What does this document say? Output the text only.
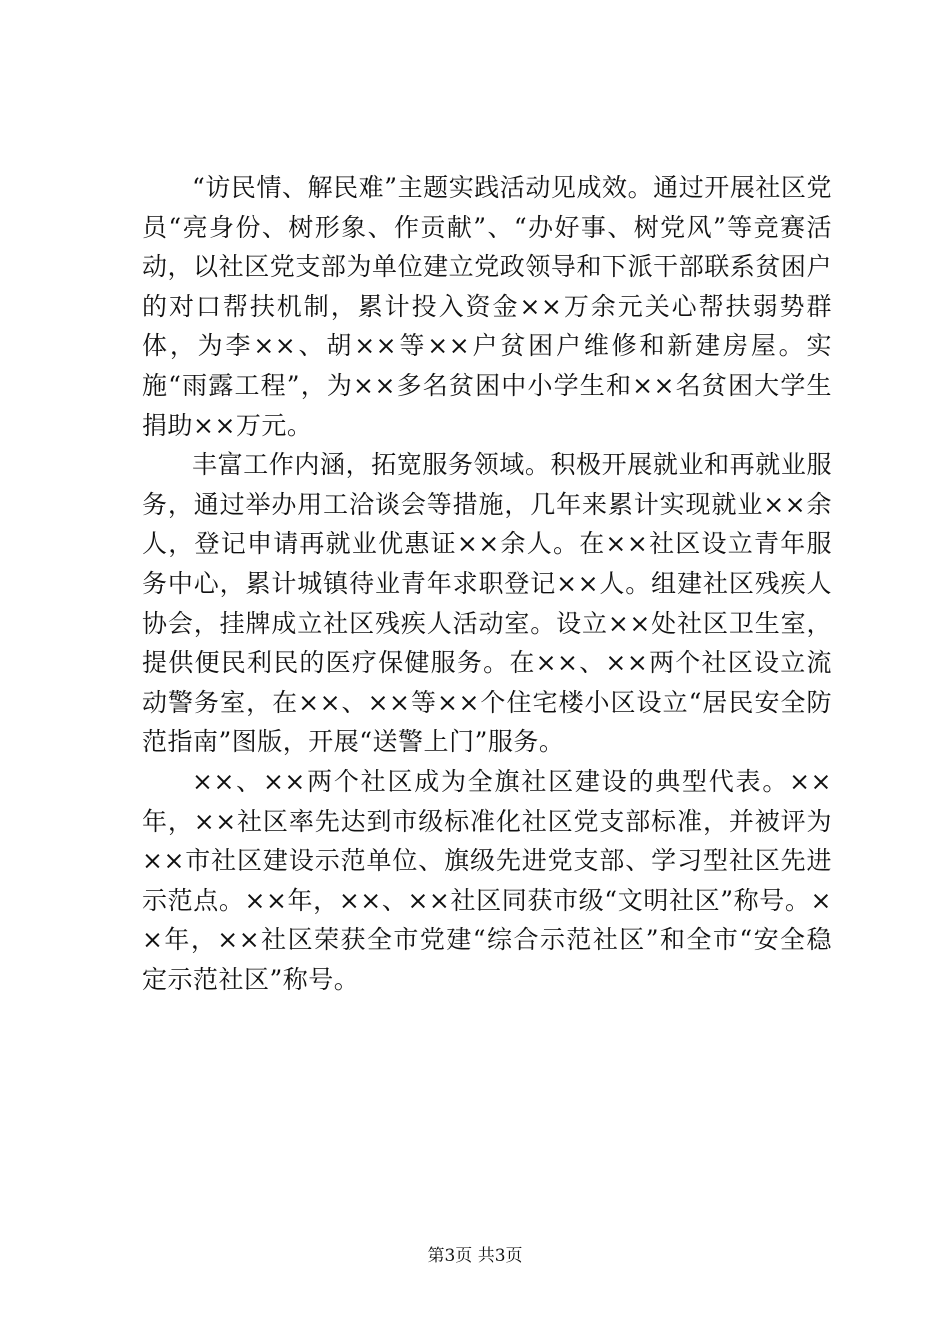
“访民情、解民难”主题实践活动见成效。通过开展社区党员“亮身份、树形象、作贡献”、“办好事、树党风”等竞赛活动，以社区党支部为单位建立党政领导和下派干部联系贫困户的对口帮扶机制，累计投入资金××万余元关心帮扶弱势群体，为李××、胡××等××户贫困户维修和新建房屋。实施“雨露工程”，为××多名贫困中小学生和××名贫困大学生捐助××万元。

丰富工作内涵，拓宽服务领域。积极开展就业和再就业服务，通过举办用工洽谈会等措施，几年来累计实现就业××余人，登记申请再就业优惠证××余人。在××社区设立青年服务中心，累计城镇待业青年求职登记××人。组建社区残疾人协会，挂牌成立社区残疾人活动室。设立××处社区卫生室，提供便民利民的医疗保健服务。在××、××两个社区设立流动警务室，在××、××等××个住宅楼小区设立“居民安全防范指南”图版，开展“送警上门”服务。

××、××两个社区成为全旗社区建设的典型代表。××年，××社区率先达到市级标准化社区党支部标准，并被评为××市社区建设示范单位、旗级先进党支部、学习型社区先进示范点。××年，××、××社区同获市级“文明社区”称号。××年，××社区荣获全市党建“综合示范社区”和全市“安全稳定示范社区”称号。

第3页 共3页
